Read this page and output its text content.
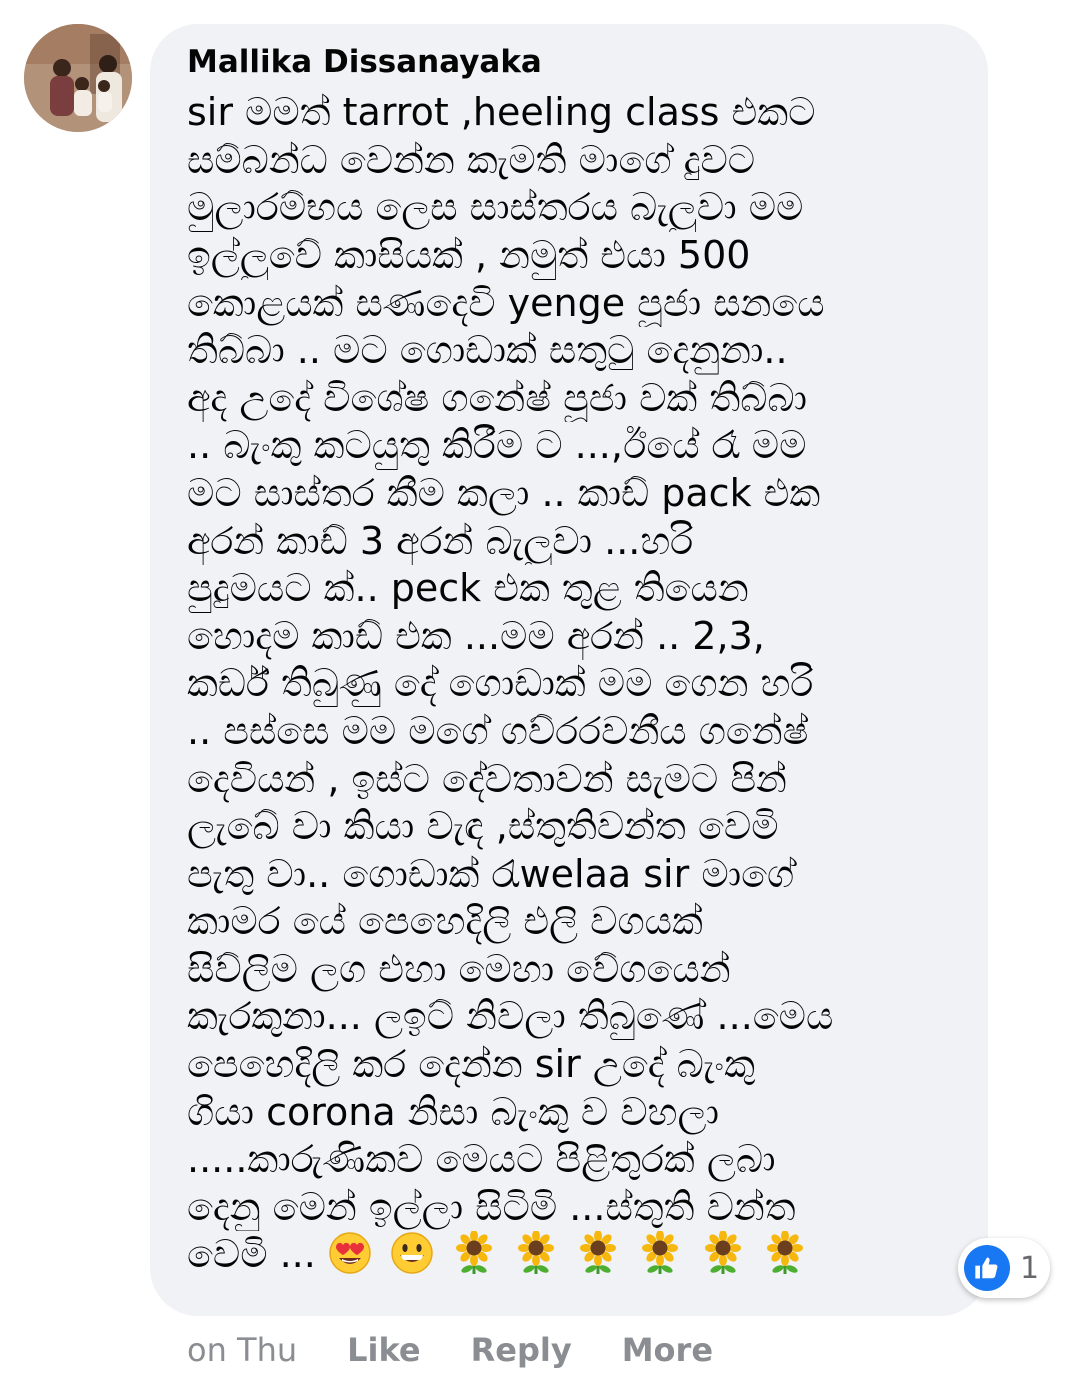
Mallika Dissanayaka
sir මමත් tarrot ,heeling class එකට
සම්බන්ධ වෙන්න කැමති මාගේ දුවට
මුලාරම්භය ලෙස සාස්තරය බැලුවා මම
ඉල්ලුවේ කාසියක් , නමුත් එයා 500
කොළයක් සණදෙවි yenge පූජා සනයෙ
තිබ්බා .. මට ගොඩාක් සතුටු දෙනුනා..
අද උදේ විශේෂ ගනේෂ් පූජා වක් තිබ්බා
.. බැංකු කටයුතු කිරීම ට ...,ඊයේ රෑ මම
මට සාස්තර කීම කලා .. කාඩ් pack එක
අරන් කාඩ් 3 අරන් බැලුවා ...හරි
පුදුමයට ක්.. peck එක තුළ තියෙන
හොදම කාඩ් එක ...මම අරන් .. 2,3,
කර්ඩ් තිබුණු දේ ගොඩාක් මම ගෙන හරි
.. පස්සෙ මම මගේ ගව්රරවනීය ගනේෂ්
දෙවියන් , ඉස්ට දේවතාවන් සැමට පින්
ලැබේ වා කියා වැඳ ,ස්තුතිවන්ත වෙමි
පැතු වා.. ගොඩාක් රැwelaa sir මාගේ
කාමර යේ පෙහෙදිලි එලි වගයක්
සිව්ලිම ලග එහා මෙහා වේගයෙන්
කැරකුනා... ලඉට් නිවලා තිබුණේ ...මෙය
පෙහෙදිලි කර දෙන්න sir උදේ බැංකු
ගියා corona නිසා බැංකු ව වහලා
.....කාරුණිකව මෙයට පිළිතුරක් ලබා
දෙනු මෙන් ඉල්ලා සිටිමි ...ස්තුති වන්ත
වෙමි ...	1
on Thu Like Reply More
